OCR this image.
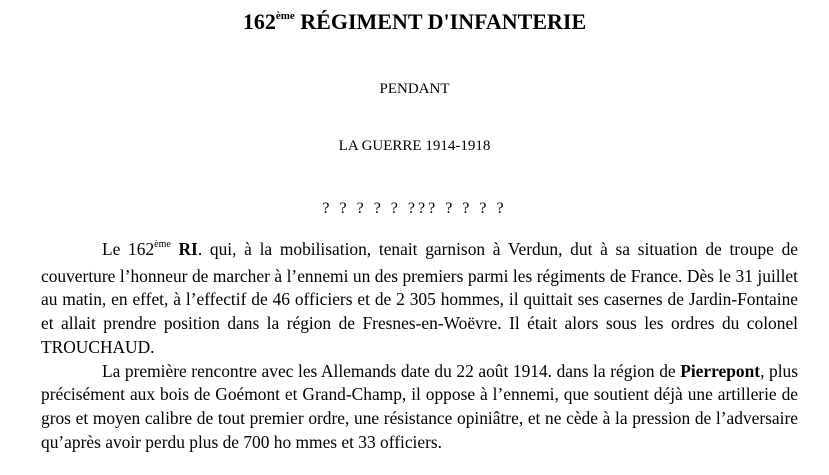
162ème RÉGIMENT D'INFANTERIE
PENDANT
LA GUERRE 1914-1918
? ? ? ? ? ??? ? ? ? ?

Le 162ème RI. qui, à la mobilisation, tenait garnison à Verdun, dut à sa situation de troupe de couverture l’honneur de marcher à l’ennemi un des premiers parmi les régiments de France. Dès le 31 juillet au matin, en effet, à l’effectif de 46 officiers et de 2 305 hommes, il quittait ses casernes de Jardin-Fontaine et allait prendre position dans la région de Fresnes-en-Woëvre. Il était alors sous les ordres du colonel TROUCHAUD.

La première rencontre avec les Allemands date du 22 août 1914. dans la région de Pierrepont, plus précisément aux bois de Goémont et Grand-Champ, il oppose à l’ennemi, que soutient déjà une artillerie de gros et moyen calibre de tout premier ordre, une résistance opiniâtre, et ne cède à la pression de l’adversaire qu’après avoir perdu plus de 700 ho mmes et 33 officiers.
